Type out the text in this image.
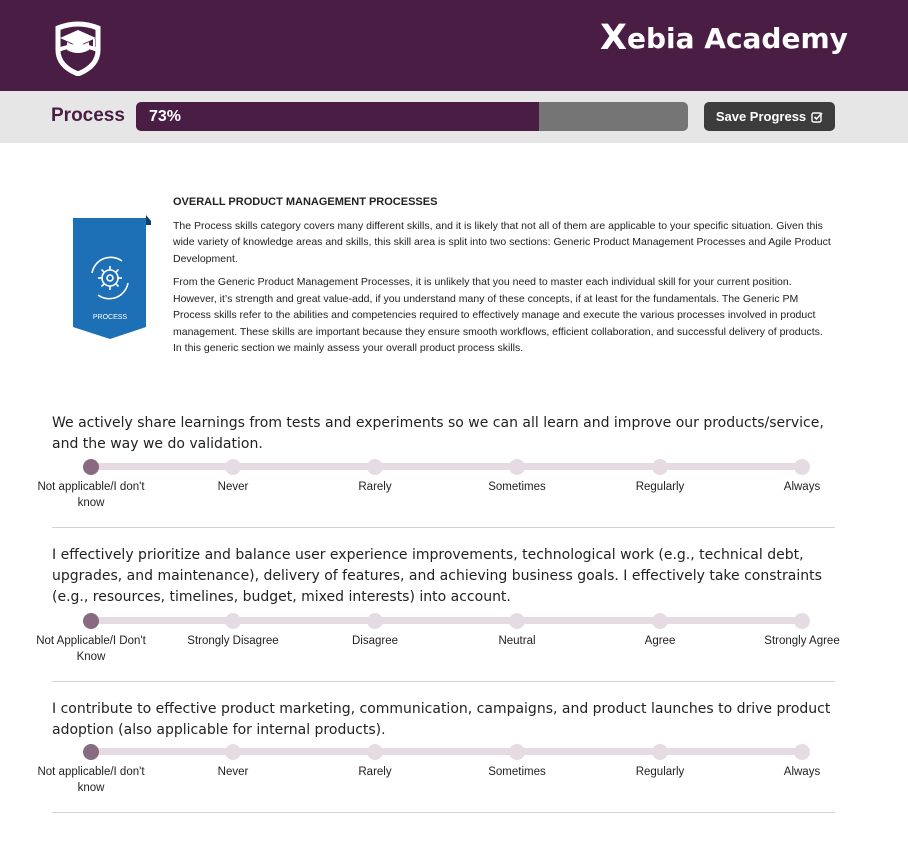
X ebia Academy
Process 73%	Save Progress
PROCESS
OVERALL PRODUCT MANAGEMENT PROCESSES

The Process skills category covers many different skills, and it is likely that not all of them are applicable to your specific situation. Given this wide variety of knowledge areas and skills, this skill area is split into two sections: Generic Product Management Processes and Agile Product Development.

From the Generic Product Management Processes, it is unlikely that you need to master each individual skill for your current position. However, it’s strength and great value-add, if you understand many of these concepts, if at least for the fundamentals. The Generic PM Process skills refer to the abilities and competencies required to effectively manage and execute the various processes involved in product management. These skills are important because they ensure smooth workflows, efficient collaboration, and successful delivery of products. In this generic section we mainly assess your overall product process skills.

We actively share learnings from tests and experiments so we can all learn and improve our products/service, and the way we do validation.
Not applicable/I don't know
Never	Rarely	Sometimes	Regularly	Always
I effectively prioritize and balance user experience improvements, technological work (e.g., technical debt, upgrades, and maintenance), delivery of features, and achieving business goals. I effectively take constraints (e.g., resources, timelines, budget, mixed interests) into account.
Not Applicable/I Don't Know
Strongly Disagree	Disagree	Neutral	Agree	Strongly Agree
I contribute to effective product marketing, communication, campaigns, and product launches to drive product adoption (also applicable for internal products).
Not applicable/I don't know
Never	Rarely	Sometimes	Regularly	Always
